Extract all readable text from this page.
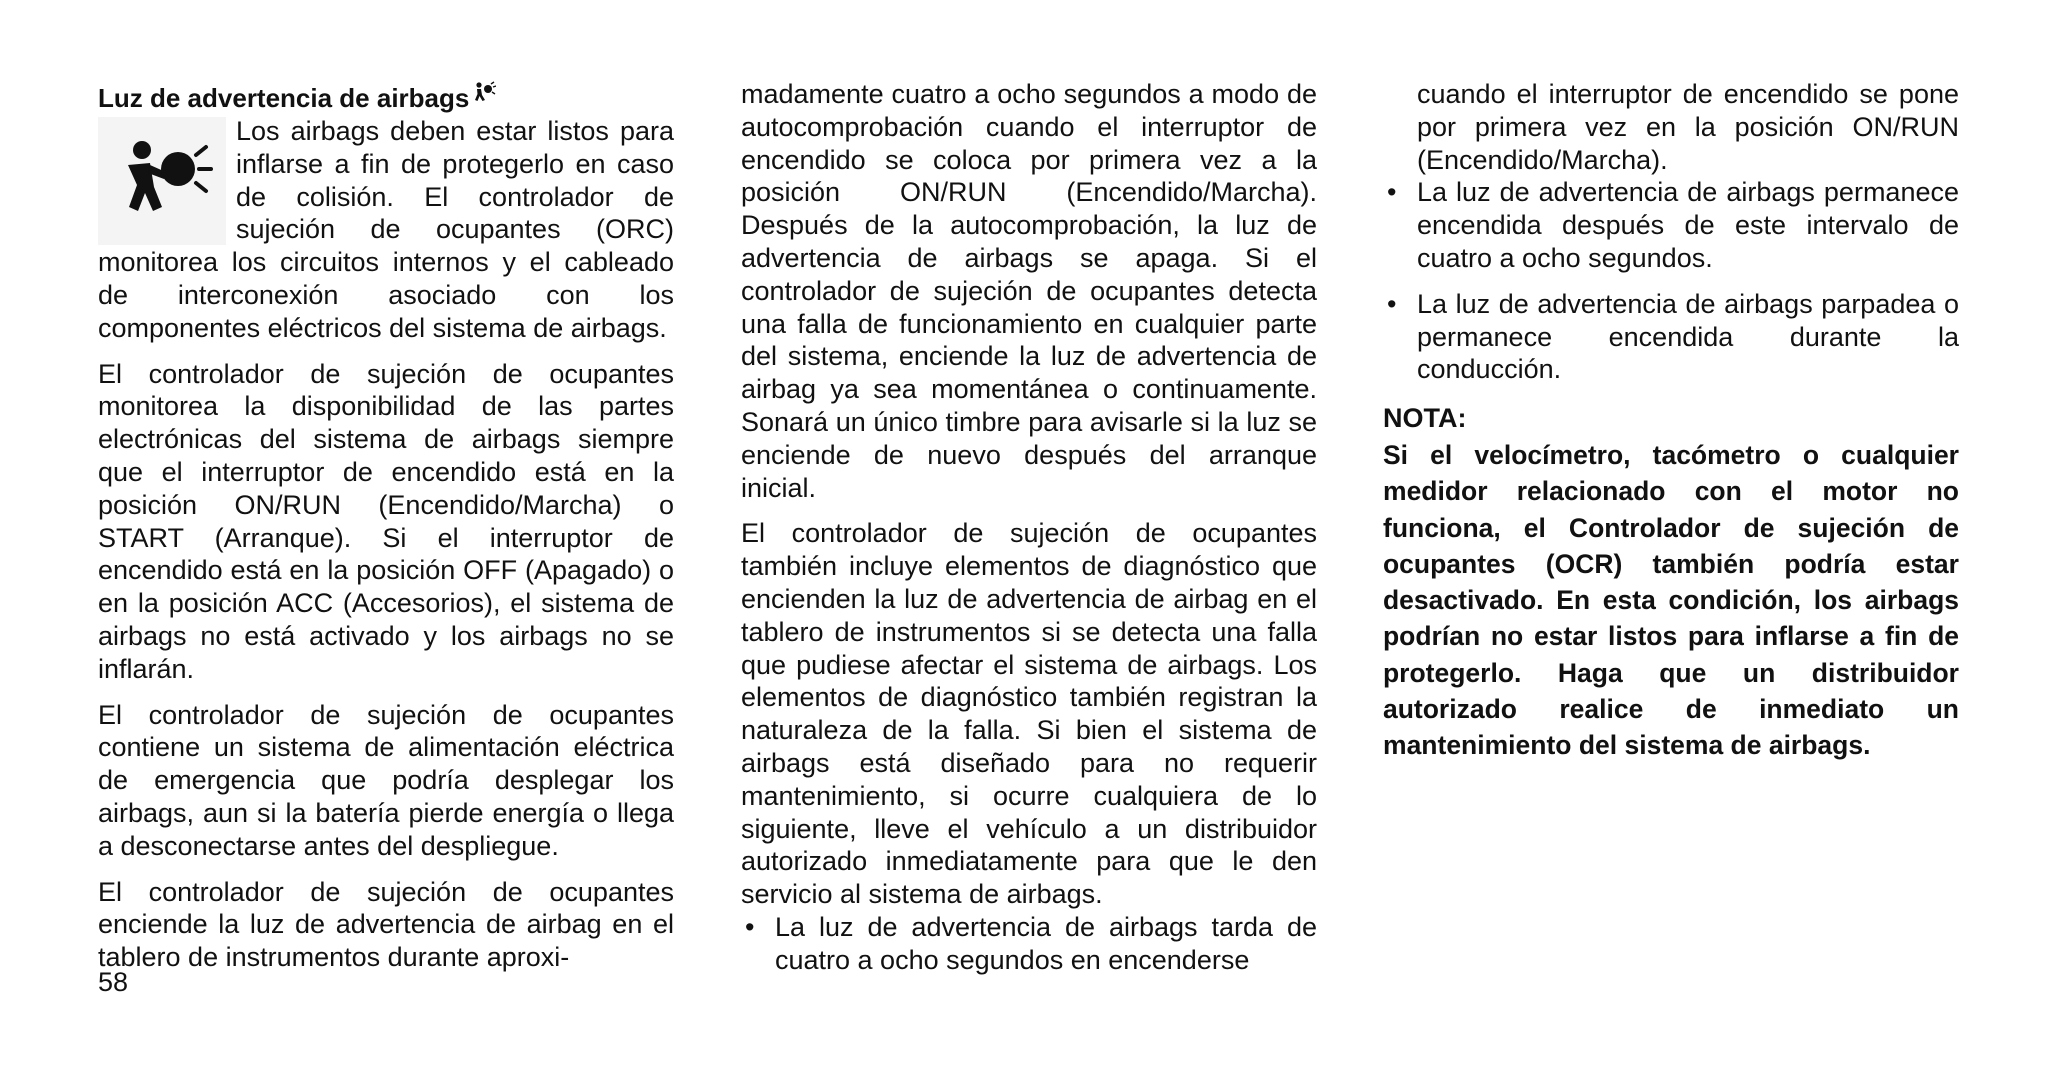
Luz de advertencia de airbags

Los airbags deben estar listos para inflarse a fin de protegerlo en caso de colisión. El controlador de sujeción de ocupantes (ORC) monitorea los circuitos internos y el cableado de interconexión asociado con los componentes eléctricos del sistema de airbags.

El controlador de sujeción de ocupantes monitorea la disponibilidad de las partes electrónicas del sistema de airbags siempre que el interruptor de encendido está en la posición ON/RUN (Encendido/Marcha) o START (Arranque). Si el interruptor de encendido está en la posición OFF (Apagado) o en la posición ACC (Accesorios), el sistema de airbags no está activado y los airbags no se inflarán.

El controlador de sujeción de ocupantes contiene un sistema de alimentación eléctrica de emergencia que podría desplegar los airbags, aun si la batería pierde energía o llega a desconectarse antes del despliegue.

El controlador de sujeción de ocupantes enciende la luz de advertencia de airbag en el tablero de instrumentos durante aproxi-

madamente cuatro a ocho segundos a modo de autocomprobación cuando el interruptor de encendido se coloca por primera vez a la posición ON/RUN (Encendido/Marcha). Después de la autocomprobación, la luz de advertencia de airbags se apaga. Si el controlador de sujeción de ocupantes detecta una falla de funcionamiento en cualquier parte del sistema, enciende la luz de advertencia de airbag ya sea momentánea o continuamente. Sonará un único timbre para avisarle si la luz se enciende de nuevo después del arranque inicial.

El controlador de sujeción de ocupantes también incluye elementos de diagnóstico que encienden la luz de advertencia de airbag en el tablero de instrumentos si se detecta una falla que pudiese afectar el sistema de airbags. Los elementos de diagnóstico también registran la naturaleza de la falla. Si bien el sistema de airbags está diseñado para no requerir mantenimiento, si ocurre cualquiera de lo siguiente, lleve el vehículo a un distribuidor autorizado inmediatamente para que le den servicio al sistema de airbags.

• La luz de advertencia de airbags tarda de cuatro a ocho segundos en encenderse

cuando el interruptor de encendido se pone por primera vez en la posición ON/RUN (Encendido/Marcha).

• La luz de advertencia de airbags permanece encendida después de este intervalo de cuatro a ocho segundos.
• La luz de advertencia de airbags parpadea o permanece encendida durante la conducción.
NOTA:
Si el velocímetro, tacómetro o cualquier medidor relacionado con el motor no funciona, el Controlador de sujeción de ocupantes (OCR) también podría estar desactivado. En esta condición, los airbags podrían no estar listos para inflarse a fin de protegerlo. Haga que un distribuidor autorizado realice de inmediato un mantenimiento del sistema de airbags.
58
